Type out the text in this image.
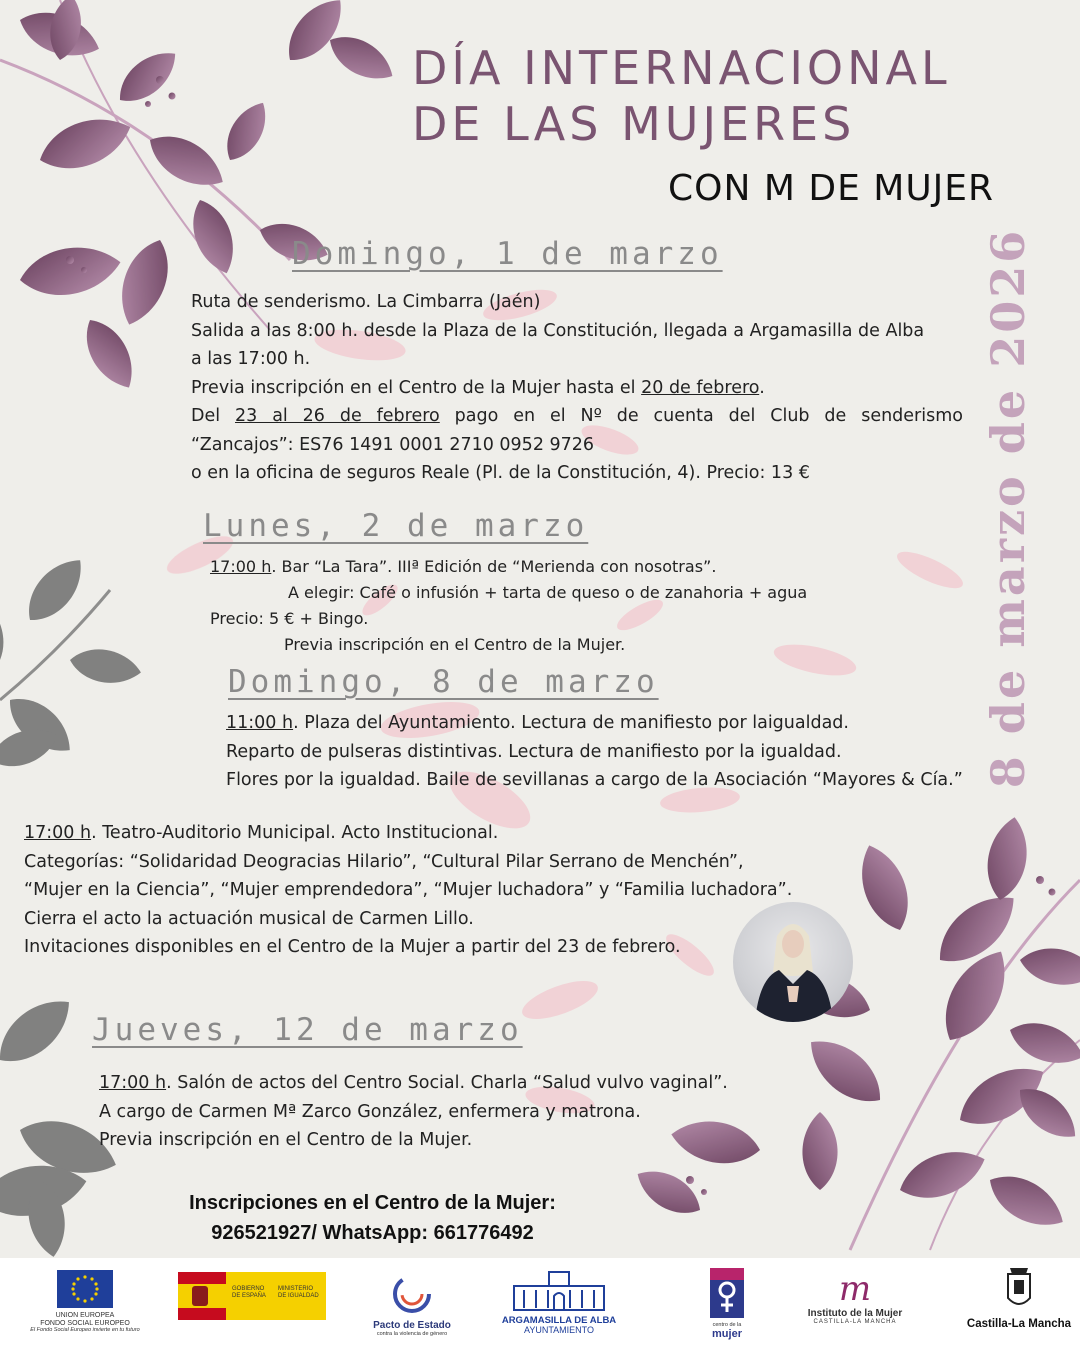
DÍA INTERNACIONAL
DE LAS MUJERES
CON M DE MUJER
8 de marzo de 2026
Domingo, 1 de marzo
Ruta de senderismo. La Cimbarra (Jaén)
Salida a las 8:00 h. desde la Plaza de la Constitución, llegada a Argamasilla de Alba
a las 17:00 h.
Previa inscripción en el Centro de la Mujer hasta el 20 de febrero.
Del 23 al 26 de febrero pago en el Nº de cuenta del Club de senderismo
“Zancajos”: ES76 1491 0001 2710 0952 9726
o en la oficina de seguros Reale (Pl. de la Constitución, 4). Precio: 13 €
Lunes, 2 de marzo
17:00 h. Bar “La Tara”. IIIª Edición de “Merienda con nosotras”.
A elegir: Café o infusión + tarta de queso o de zanahoria + agua
Precio: 5 € + Bingo.
Previa inscripción en el Centro de la Mujer.
Domingo, 8 de marzo
11:00 h. Plaza del Ayuntamiento. Lectura de manifiesto por laigualdad.
Reparto de pulseras distintivas. Lectura de manifiesto por la igualdad.
Flores por la igualdad. Baile de sevillanas a cargo de la Asociación “Mayores & Cía.”
17:00 h. Teatro-Auditorio Municipal. Acto Institucional.
Categorías: “Solidaridad Deogracias Hilario”, “Cultural Pilar Serrano de Menchén”,
“Mujer en la Ciencia”, “Mujer emprendedora”, “Mujer luchadora” y “Familia luchadora”.
Cierra el acto la actuación musical de Carmen Lillo.
Invitaciones disponibles en el Centro de la Mujer a partir del 23 de febrero.
Jueves, 12 de marzo
17:00 h. Salón de actos del Centro Social. Charla “Salud vulvo vaginal”.
A cargo de Carmen Mª Zarco González, enfermera y matrona.
Previa inscripción en el Centro de la Mujer.
Inscripciones en el Centro de la Mujer:
926521927/ WhatsApp: 661776492
UNION EUROPEA
FONDO SOCIAL EUROPEO
El Fondo Social Europeo invierte en tu futuro
GOBIERNO
DE ESPAÑA
MINISTERIO
DE IGUALDAD
Pacto de Estado
contra la violencia de género
ARGAMASILLA DE ALBA
AYUNTAMIENTO
centro de la
mujer
m
Instituto de la Mujer
CASTILLA-LA MANCHA	Castilla-La Mancha
